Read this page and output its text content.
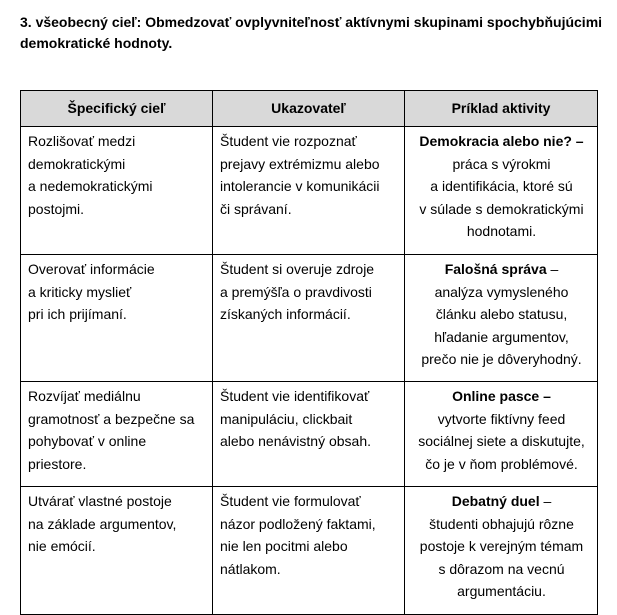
3. všeobecný cieľ: Obmedzovať ovplyvniteľnosť aktívnymi skupinami spochybňujúcimi
demokratické hodnoty.
Špecifický cieľ	Ukazovateľ	Príklad aktivity

Rozlišovať medzi
demokratickými
a nedemokratickými
postojmi.	Študent vie rozpoznať
prejavy extrémizmu alebo
intolerancie v komunikácii
či správaní.	Demokracia alebo nie? –
práca s výrokmi
a identifikácia, ktoré sú
v súlade s demokratickými
hodnotami.

Overovať informácie
a kriticky myslieť
pri ich prijímaní.	Študent si overuje zdroje
a premýšľa o pravdivosti
získaných informácií.	Falošná správa –
analýza vymysleného
článku alebo statusu,
hľadanie argumentov,
prečo nie je dôveryhodný.

Rozvíjať mediálnu
gramotnosť a bezpečne sa
pohybovať v online
priestore.	Študent vie identifikovať
manipuláciu, clickbait
alebo nenávistný obsah.	Online pasce –
vytvorte fiktívny feed
sociálnej siete a diskutujte,
čo je v ňom problémové.

Utvárať vlastné postoje
na základe argumentov,
nie emócií.	Študent vie formulovať
názor podložený faktami,
nie len pocitmi alebo
nátlakom.	Debatný duel –
študenti obhajujú rôzne
postoje k verejným témam
s dôrazom na vecnú
argumentáciu.
